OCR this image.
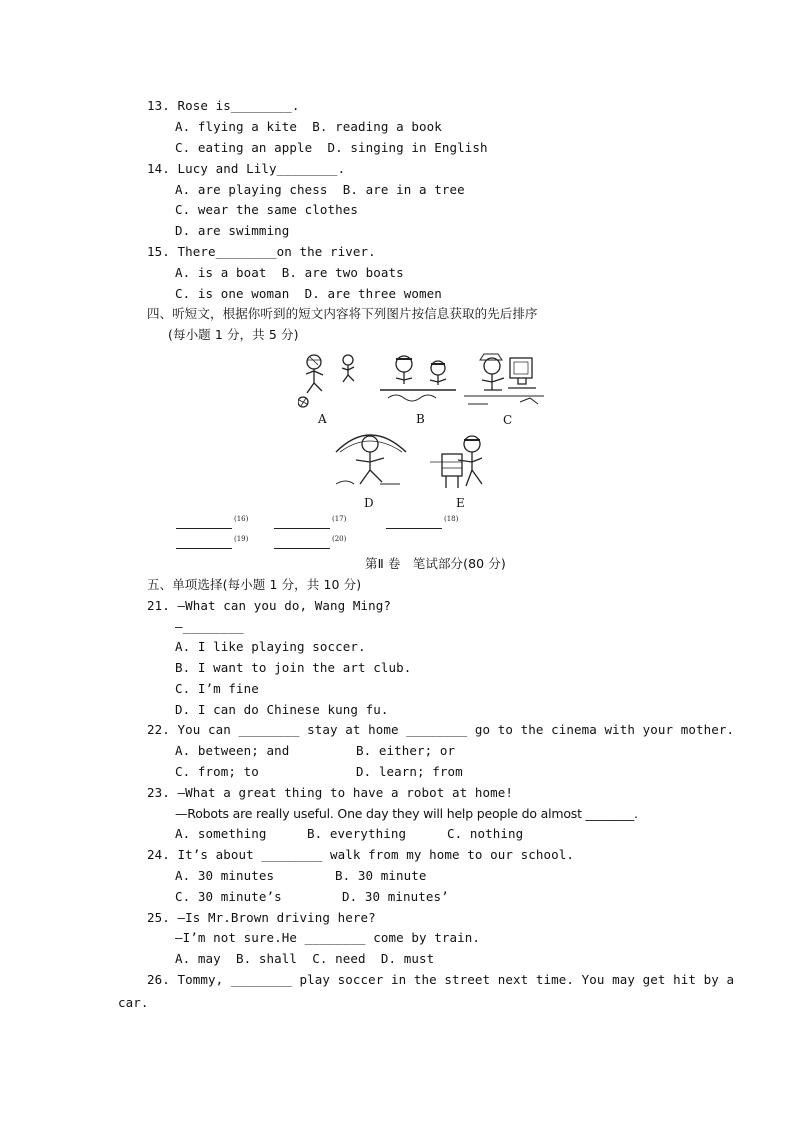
13. Rose is________.
A. flying a kite  B. reading a book
C. eating an apple  D. singing in English
14. Lucy and Lily________.
A. are playing chess  B. are in a tree
C. wear the same clothes
D. are swimming
15. There________on the river.
A. is a boat  B. are two boats
C. is one woman  D. are three women
四、听短文，根据你听到的短文内容将下列图片按信息获取的先后排序
(每小题 1 分，共 5 分)
A	B	C
D	E
(16)	(17)	(18)
(19)	(20)
第Ⅱ 卷   笔试部分(80 分)
五、单项选择(每小题 1 分，共 10 分)
21. —What can you do, Wang Ming?
—________
A. I like playing soccer.
B. I want to join the art club.
C. I’m fine
D. I can do Chinese kung fu.
22. You can ________ stay at home ________ go to the cinema with your mother.
A. between; and	B. either; or
C. from; to	D. learn; from
23. —What a great thing to have a robot at home!
—Robots are really useful. One day they will help people do almost ________.
A. something	B. everything	C. nothing
24. It’s about ________ walk from my home to our school.
A. 30 minutes	B. 30 minute
C. 30 minute’s	D. 30 minutes’
25. —Is Mr.Brown driving here?
—I’m not sure.He ________ come by train.
A. may  B. shall  C. need  D. must
26. Tommy, ________ play soccer in the street next time. You may get hit by a
car.
